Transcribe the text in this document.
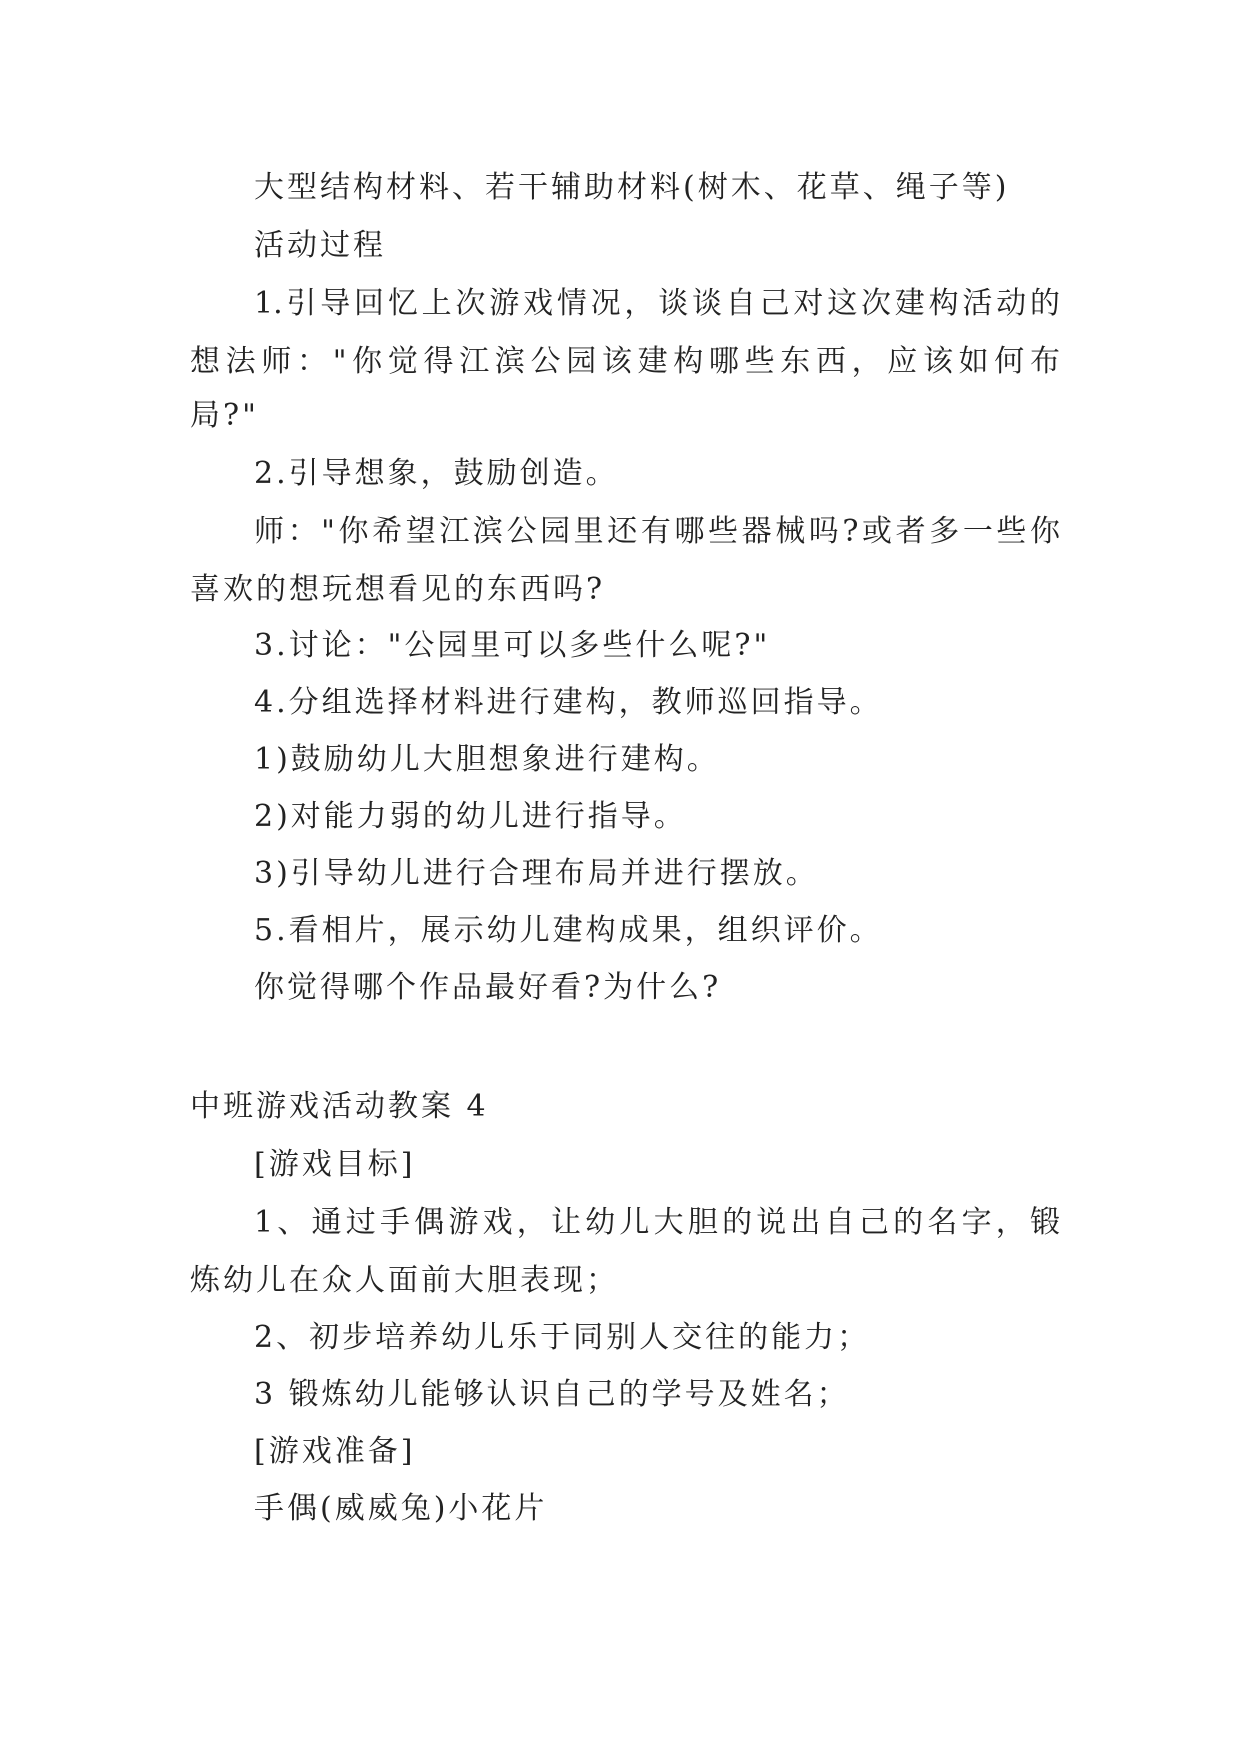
大型结构材料、若干辅助材料(树木、花草、绳子等)
活动过程
1.引导回忆上次游戏情况，谈谈自己对这次建构活动的
想法师："你觉得江滨公园该建构哪些东西，应该如何布
局?"
2.引导想象，鼓励创造。
师："你希望江滨公园里还有哪些器械吗?或者多一些你
喜欢的想玩想看见的东西吗?
3.讨论："公园里可以多些什么呢?"
4.分组选择材料进行建构，教师巡回指导。
1)鼓励幼儿大胆想象进行建构。
2)对能力弱的幼儿进行指导。
3)引导幼儿进行合理布局并进行摆放。
5.看相片，展示幼儿建构成果，组织评价。
你觉得哪个作品最好看?为什么?
中班游戏活动教案 4
[游戏目标]
1、通过手偶游戏，让幼儿大胆的说出自己的名字，锻
炼幼儿在众人面前大胆表现；
2、初步培养幼儿乐于同别人交往的能力；
3 锻炼幼儿能够认识自己的学号及姓名；
[游戏准备]
手偶(威威兔)小花片
